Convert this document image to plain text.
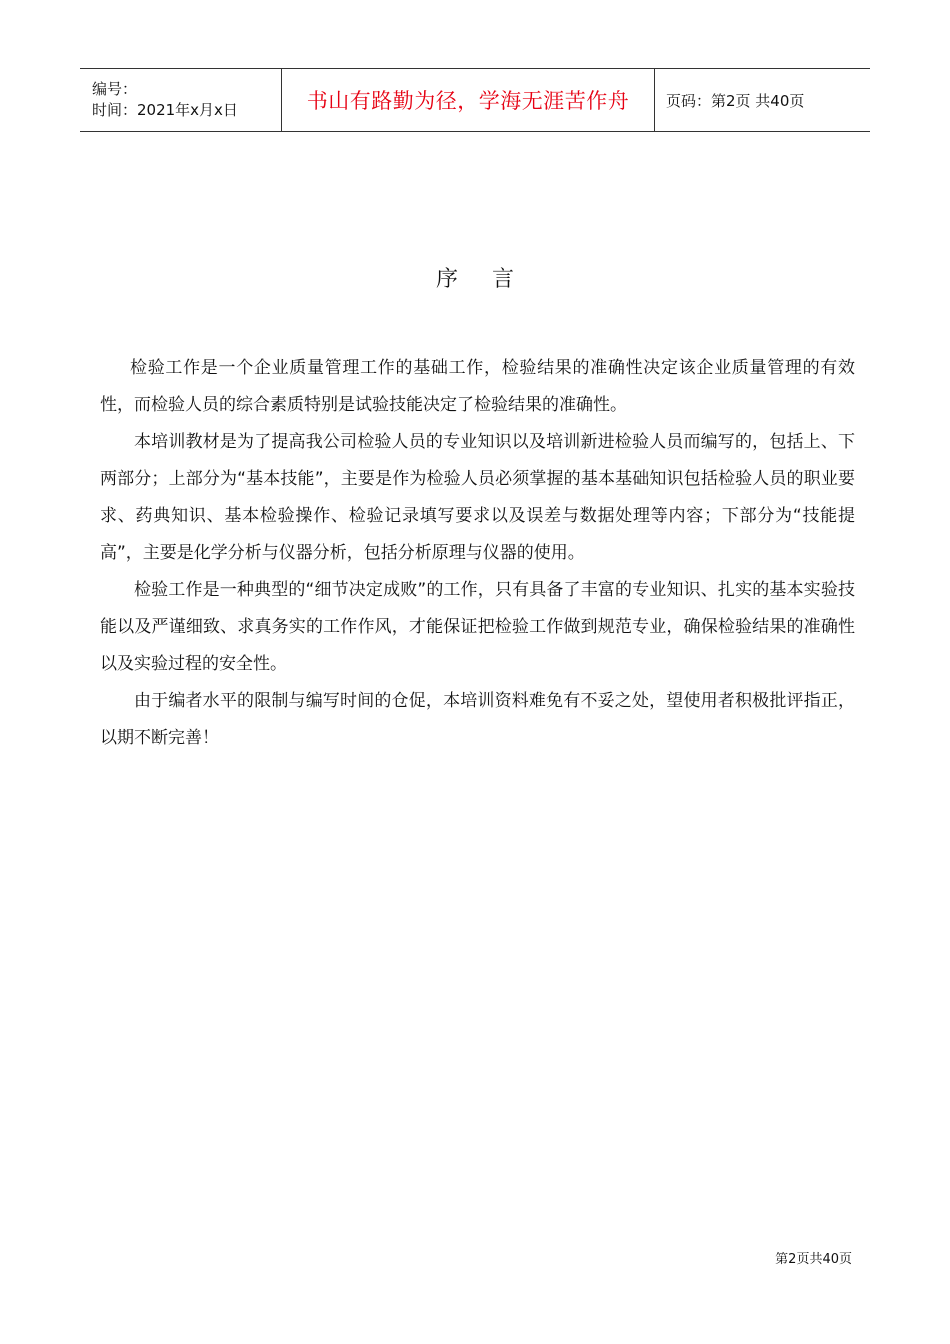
编号：
时间：2021年x月x日	书山有路勤为径，学海无涯苦作舟 页码：第2页 共40页
序言

检验工作是一个企业质量管理工作的基础工作，检验结果的准确性决定该企业质量管理的有效性，而检验人员的综合素质特别是试验技能决定了检验结果的准确性。

本培训教材是为了提高我公司检验人员的专业知识以及培训新进检验人员而编写的，包括上、下两部分；上部分为“基本技能”，主要是作为检验人员必须掌握的基本基础知识包括检验人员的职业要求、药典知识、基本检验操作、检验记录填写要求以及误差与数据处理等内容；下部分为“技能提高”，主要是化学分析与仪器分析，包括分析原理与仪器的使用。

检验工作是一种典型的“细节决定成败”的工作，只有具备了丰富的专业知识、扎实的基本实验技能以及严谨细致、求真务实的工作作风，才能保证把检验工作做到规范专业，确保检验结果的准确性以及实验过程的安全性。

由于编者水平的限制与编写时间的仓促，本培训资料难免有不妥之处，望使用者积极批评指正，以期不断完善！

第2页共40页
